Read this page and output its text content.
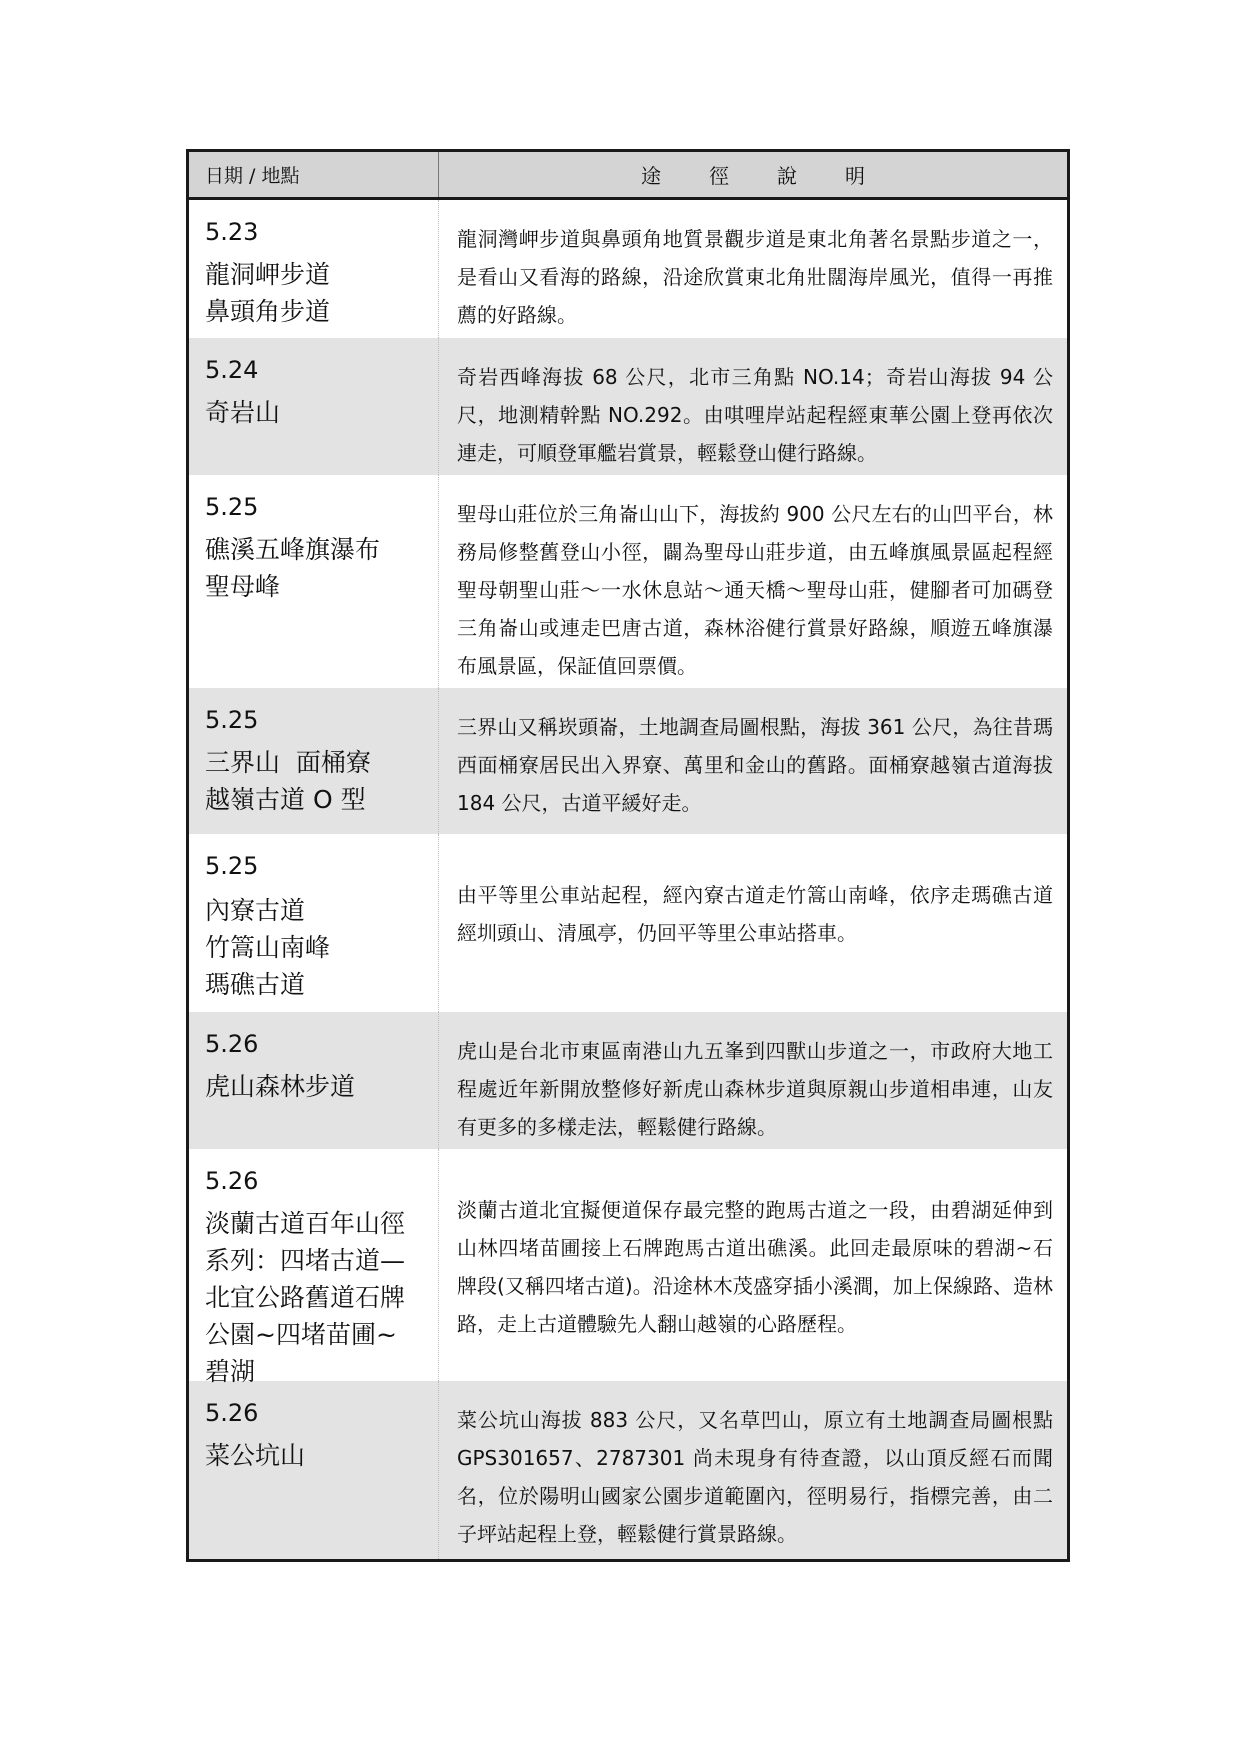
日期 / 地點	途徑說明
5.23
龍洞岬步道
鼻頭角步道
龍洞灣岬步道與鼻頭角地質景觀步道是東北角著名景點步道之一，是看山又看海的路線，沿途欣賞東北角壯闊海岸風光，值得一再推薦的好路線。
5.24
奇岩山
奇岩西峰海拔 68 公尺，北市三角點 NO.14；奇岩山海拔 94 公尺，地測精幹點 NO.292。由唭哩岸站起程經東華公園上登再依次連走，可順登軍艦岩賞景，輕鬆登山健行路線。
5.25
礁溪五峰旗瀑布
聖母峰
聖母山莊位於三角崙山山下，海拔約 900 公尺左右的山凹平台，林務局修整舊登山小徑，闢為聖母山莊步道，由五峰旗風景區起程經聖母朝聖山莊～一水休息站～通天橋～聖母山莊，健腳者可加碼登三角崙山或連走巴唐古道，森林浴健行賞景好路線，順遊五峰旗瀑布風景區，保証值回票價。
5.25
三界山  面桶寮
越嶺古道 O 型
三界山又稱崁頭崙，土地調查局圖根點，海拔 361 公尺，為往昔瑪西面桶寮居民出入界寮、萬里和金山的舊路。面桶寮越嶺古道海拔 184 公尺，古道平緩好走。
5.25
內寮古道
竹篙山南峰
瑪礁古道
由平等里公車站起程，經內寮古道走竹篙山南峰，依序走瑪礁古道經圳頭山、清風亭，仍回平等里公車站搭車。
5.26
虎山森林步道
虎山是台北市東區南港山九五峯到四獸山步道之一，市政府大地工程處近年新開放整修好新虎山森林步道與原親山步道相串連，山友有更多的多樣走法，輕鬆健行路線。
5.26
淡蘭古道百年山徑
系列：四堵古道—
北宜公路舊道石牌
公園~四堵苗圃~
碧湖
淡蘭古道北宜擬便道保存最完整的跑馬古道之一段，由碧湖延伸到山林四堵苗圃接上石牌跑馬古道出礁溪。此回走最原味的碧湖~石牌段(又稱四堵古道)。沿途林木茂盛穿插小溪澗，加上保線路、造林路，走上古道體驗先人翻山越嶺的心路歷程。
5.26
菜公坑山
菜公坑山海拔 883 公尺，又名草凹山，原立有土地調查局圖根點 GPS301657、2787301 尚未現身有待查證，以山頂反經石而聞名，位於陽明山國家公園步道範圍內，徑明易行，指標完善，由二子坪站起程上登，輕鬆健行賞景路線。
